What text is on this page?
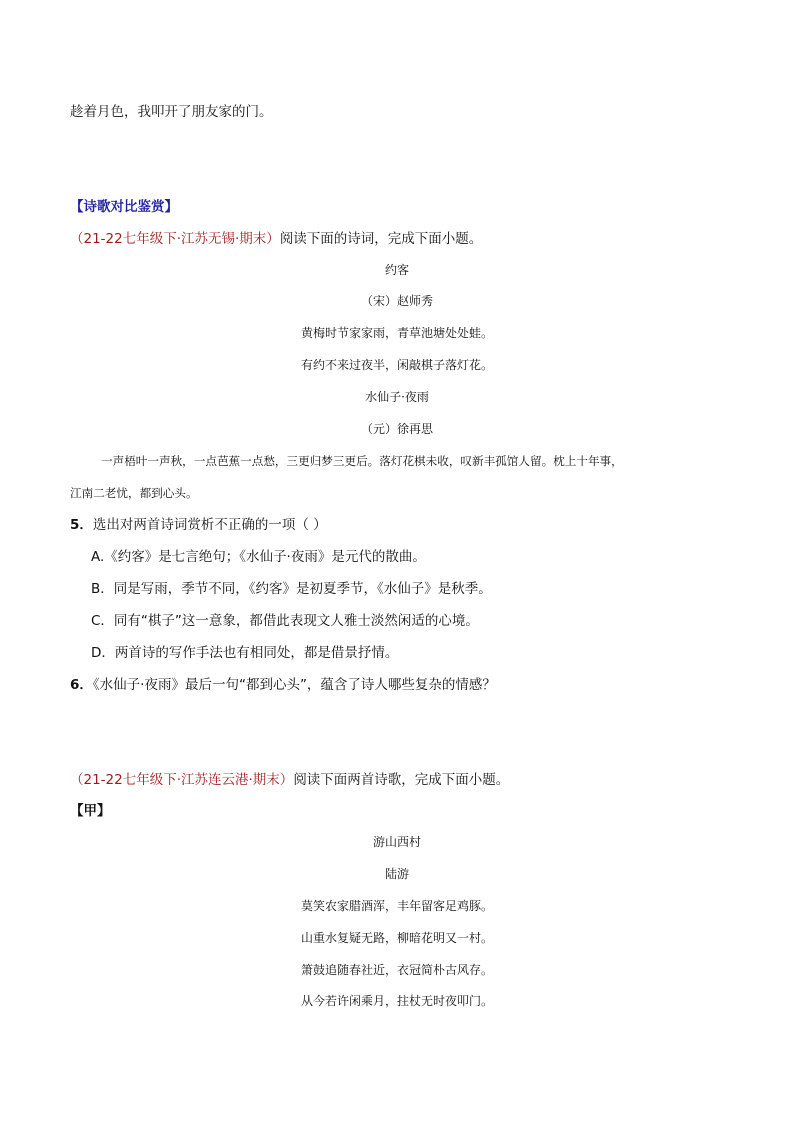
趁着月色，我叩开了朋友家的门。
【诗歌对比鉴赏】
（21-22七年级下·江苏无锡·期末）阅读下面的诗词，完成下面小题。
约客
（宋）赵师秀
黄梅时节家家雨，青草池塘处处蛙。
有约不来过夜半，闲敲棋子落灯花。
水仙子·夜雨
（元）徐再思
一声梧叶一声秋，一点芭蕉一点愁，三更归梦三更后。落灯花棋未收，叹新丰孤馆人留。枕上十年事，
江南二老忧，都到心头。
5．选出对两首诗词赏析不正确的一项（ ）
A.《约客》是七言绝句；《水仙子·夜雨》是元代的散曲。
B．同是写雨，季节不同，《约客》是初夏季节，《水仙子》是秋季。
C．同有“棋子”这一意象，都借此表现文人雅士淡然闲适的心境。
D．两首诗的写作手法也有相同处，都是借景抒情。
6．《水仙子·夜雨》最后一句“都到心头”，蕴含了诗人哪些复杂的情感？
（21-22七年级下·江苏连云港·期末）阅读下面两首诗歌，完成下面小题。
【甲】
游山西村
陆游
莫笑农家腊酒浑，丰年留客足鸡豚。
山重水复疑无路，柳暗花明又一村。
箫鼓追随春社近，衣冠简朴古风存。
从今若许闲乘月，拄杖无时夜叩门。
